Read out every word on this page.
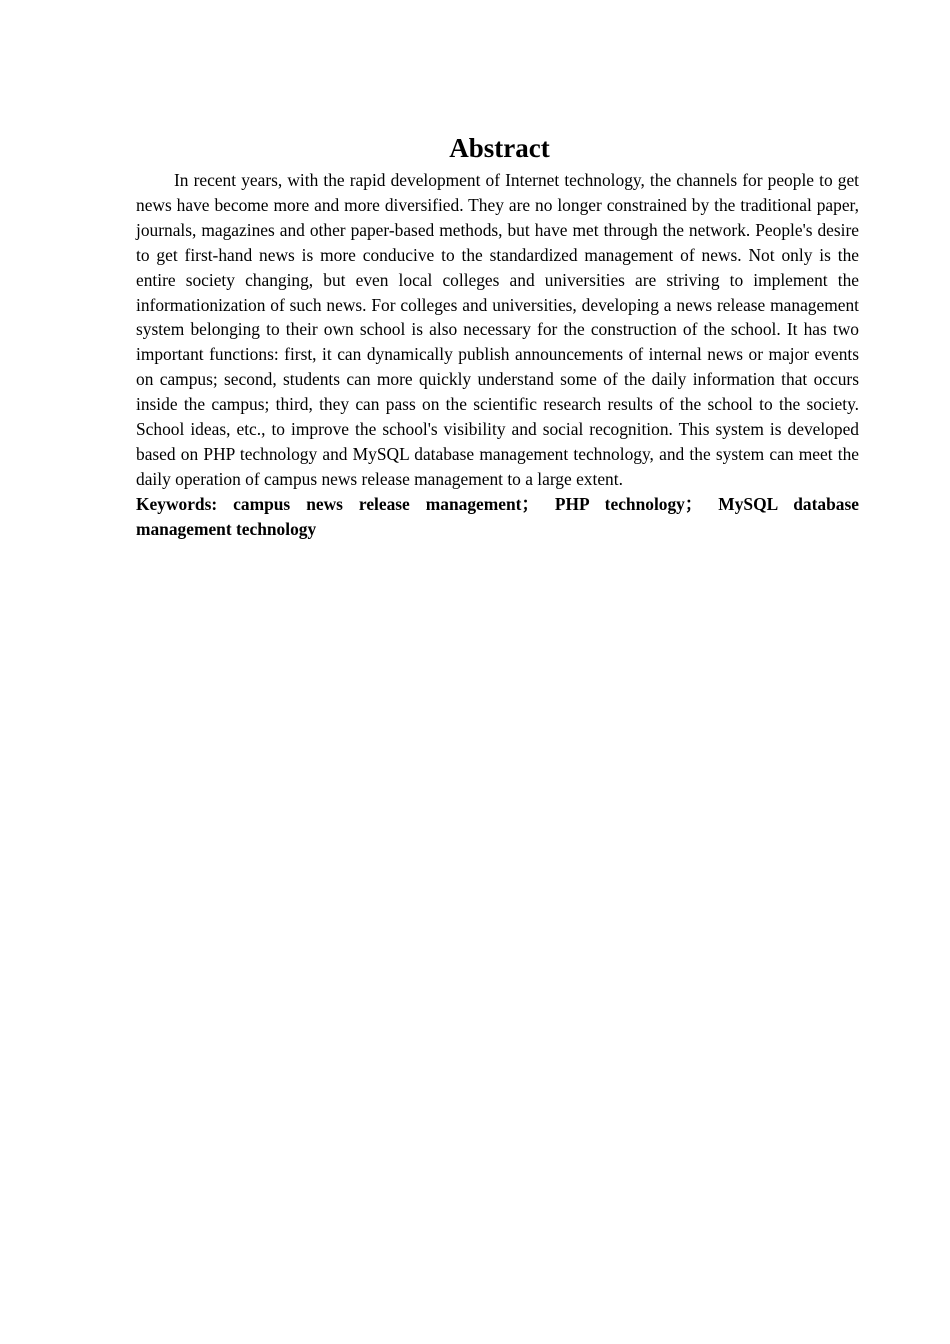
Abstract

In recent years, with the rapid development of Internet technology, the channels for people to get news have become more and more diversified. They are no longer constrained by the traditional paper, journals, magazines and other paper-based methods, but have met through the network. People's desire to get first-hand news is more conducive to the standardized management of news. Not only is the entire society changing, but even local colleges and universities are striving to implement the informationization of such news. For colleges and universities, developing a news release management system belonging to their own school is also necessary for the construction of the school. It has two important functions: first, it can dynamically publish announcements of internal news or major events on campus; second, students can more quickly understand some of the daily information that occurs inside the campus; third, they can pass on the scientific research results of the school to the society. School ideas, etc., to improve the school's visibility and social recognition. This system is developed based on PHP technology and MySQL database management technology, and the system can meet the daily operation of campus news release management to a large extent.

Keywords: campus news release management； PHP technology； MySQL database management technology
